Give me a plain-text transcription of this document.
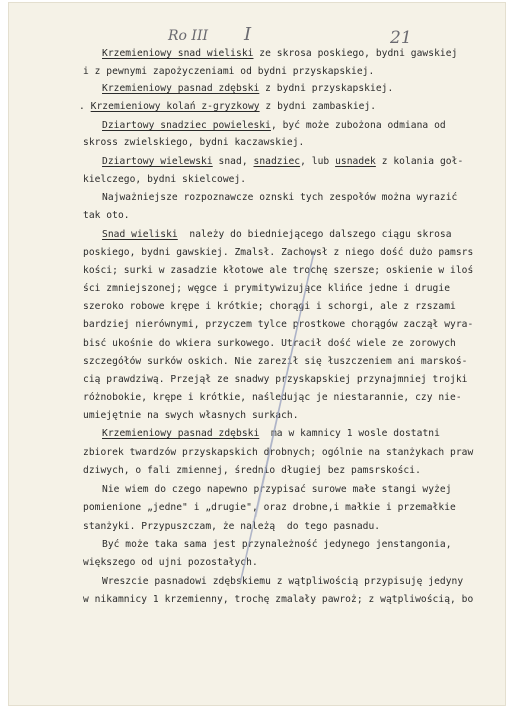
Ro III I	21
Krzemieniowy snad wieliski ze skrosa poskiego, bydni gawskiej
i z pewnymi zapożyczeniami od bydni przyskapskiej.
Krzemieniowy pasnad zdębski z bydni przyskapskiej.
. Krzemieniowy kolań z-gryzkowy z bydni zambaskiej.
Dziartowy snadziec powieleski, być może zubożona odmiana od
skross zwielskiego, bydni kaczawskiej.
Dziartowy wielewski snad, snadziec, lub usnadek z kolania goł-
kielczego, bydni skielcowej.
Najważniejsze rozpoznawcze oznski tych zespołów można wyrazić
tak oto.
Snad wieliski  należy do biedniejącego dalszego ciągu skrosa
poskiego, bydni gawskiej. Zmalsł. Zachowsł z niego dość dużo pamsrs
kości; surki w zasadzie kłotowe ale trochę szersze; oskienie w iloś
ści zmniejszonej; węgce i prymitywizujące klińce jedne i drugie
szeroko robowe krępe i krótkie; chorągi i schorgi, ale z rzszami
bardziej nierównymi, przyczem tylce prostkowe chorągów zaczął wyra-
bisć ukośnie do wkiera surkowego. Utracił dość wiele ze zorowych
szczegółów surków oskich. Nie zareził się łuszczeniem ani marskoś-
cią prawdziwą. Przejął ze snadwy przyskapskiej przynajmniej trojki
różnobokie, krępe i krótkie, naśledując je niestarannie, czy nie-
umiejętnie na swych własnych surkach.
Krzemieniowy pasnad zdębski  ma w kamnicy 1 wosle dostatni
zbiorek twardzów przyskapskich drobnych; ogólnie na stanżykach praw
dziwych, o fali zmiennej, średnio długiej bez pamsrskości.
Nie wiem do czego napewno przypisać surowe małe stangi wyżej
pomienione „jedne" i „drugie", oraz drobne,i małkie i przemałkie
stanżyki. Przypuszczam, że należą  do tego pasnadu.
Być może taka sama jest przynależność jedynego jenstangonia,
większego od ujni pozostałych.
Wreszcie pasnadowi zdębskiemu z wątpliwością przypisuję jedyny
w nikamnicy 1 krzemienny, trochę zmalały pawroż; z wątpliwością, bo
